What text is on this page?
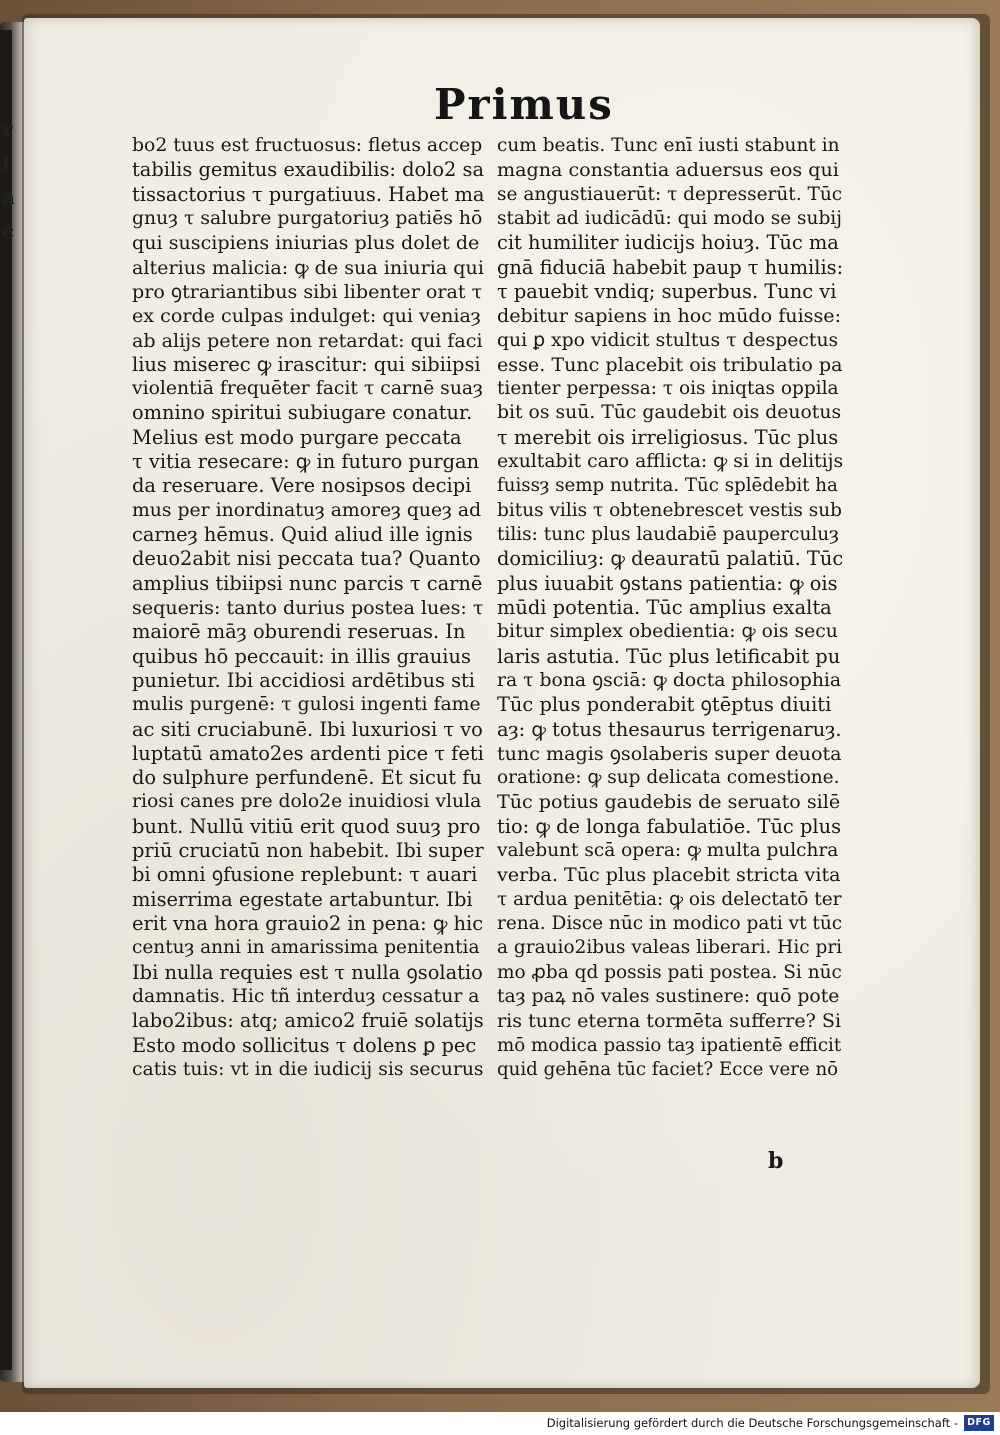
r
l
a
c
Primus
bo2 tuus est fructuosus: fletus accep
tabilis gemitus exaudibilis: dolo2 sa
tissactorius τ purgatiuus. Habet ma
gnuȝ τ salubre purgatoriuȝ patiēs hō
qui suscipiens iniurias plus dolet de
alterius malicia: ꝙ de sua iniuria qui
pro ꝯtrariantibus sibi libenter orat τ
ex corde culpas indulget: qui veniaȝ
ab alijs petere non retardat: qui faci
lius miserec ꝙ irascitur: qui sibiipsi
violentiā frequēter facit τ carnē suaȝ
omnino spiritui subiugare conatur.
Melius est modo purgare peccata
τ vitia resecare: ꝙ in futuro purgan
da reseruare. Vere nosipsos decipi
mus per inordinatuȝ amoreȝ queȝ ad
carneȝ hēmus. Quid aliud ille ignis
deuo2abit nisi peccata tua? Quanto
amplius tibiipsi nunc parcis τ carnē
sequeris: tanto durius postea lues: τ
maiorē māȝ oburendi reseruas. In
quibus hō peccauit: in illis grauius
punietur. Ibi accidiosi ardētibus sti
mulis purgenē: τ gulosi ingenti fame
ac siti cruciabunē. Ibi luxuriosi τ vo
luptatū amato2es ardenti pice τ feti
do sulphure perfundenē. Et sicut fu
riosi canes pre dolo2e inuidiosi vlula
bunt. Nullū vitiū erit quod suuȝ pro
priū cruciatū non habebit. Ibi super
bi omni ꝯfusione replebunt: τ auari
miserrima egestate artabuntur. Ibi
erit vna hora grauio2 in pena: ꝙ hic
centuȝ anni in amarissima penitentia
Ibi nulla requies est τ nulla ꝯsolatio
damnatis. Hic tñ interduȝ cessatur a
labo2ibus: atq; amico2 fruiē solatijs
Esto modo sollicitus τ dolens ꝑ pec
catis tuis: vt in die iudicij sis securus
cum beatis. Tunc enī iusti stabunt in
magna constantia aduersus eos qui
se angustiauerūt: τ depresserūt. Tūc
stabit ad iudicādū: qui modo se subij
cit humiliter iudicijs hoiuȝ. Tūc ma
gnā fiduciā habebit paup τ humilis:
τ pauebit vndiq; superbus. Tunc vi
debitur sapiens in hoc mūdo fuisse:
qui ꝑ xpo vidicit stultus τ despectus
esse. Tunc placebit ois tribulatio pa
tienter perpessa: τ ois iniqtas oppila
bit os suū. Tūc gaudebit ois deuotus
τ merebit ois irreligiosus. Tūc plus
exultabit caro afflicta: ꝙ si in delitijs
fuissȝ semp nutrita. Tūc splēdebit ha
bitus vilis τ obtenebrescet vestis sub
tilis: tunc plus laudabiē pauperculuȝ
domiciliuȝ: ꝙ deauratū palatiū. Tūc
plus iuuabit ꝯstans patientia: ꝙ ois
mūdi potentia. Tūc amplius exalta
bitur simplex obedientia: ꝙ ois secu
laris astutia. Tūc plus letificabit pu
ra τ bona ꝯsciā: ꝙ docta philosophia
Tūc plus ponderabit ꝯtēptus diuiti
aȝ: ꝙ totus thesaurus terrigenaruȝ.
tunc magis ꝯsolaberis super deuota
oratione: ꝙ sup delicata comestione.
Tūc potius gaudebis de seruato silē
tio: ꝙ de longa fabulatiōe. Tūc plus
valebunt scā opera: ꝙ multa pulchra
verba. Tūc plus placebit stricta vita
τ ardua penitētia: ꝙ ois delectatō ter
rena. Disce nūc in modico pati vt tūc
a grauio2ibus valeas liberari. Hic pri
mo ꝓba qd possis pati postea. Si nūc
taȝ paꝝ nō vales sustinere: quō pote
ris tunc eterna tormēta sufferre? Si
mō modica passio taȝ ipatientē efficit
quid gehēna tūc faciet? Ecce vere nō
b
Digitalisierung gefördert durch die Deutsche Forschungsgemeinschaft - DFG
